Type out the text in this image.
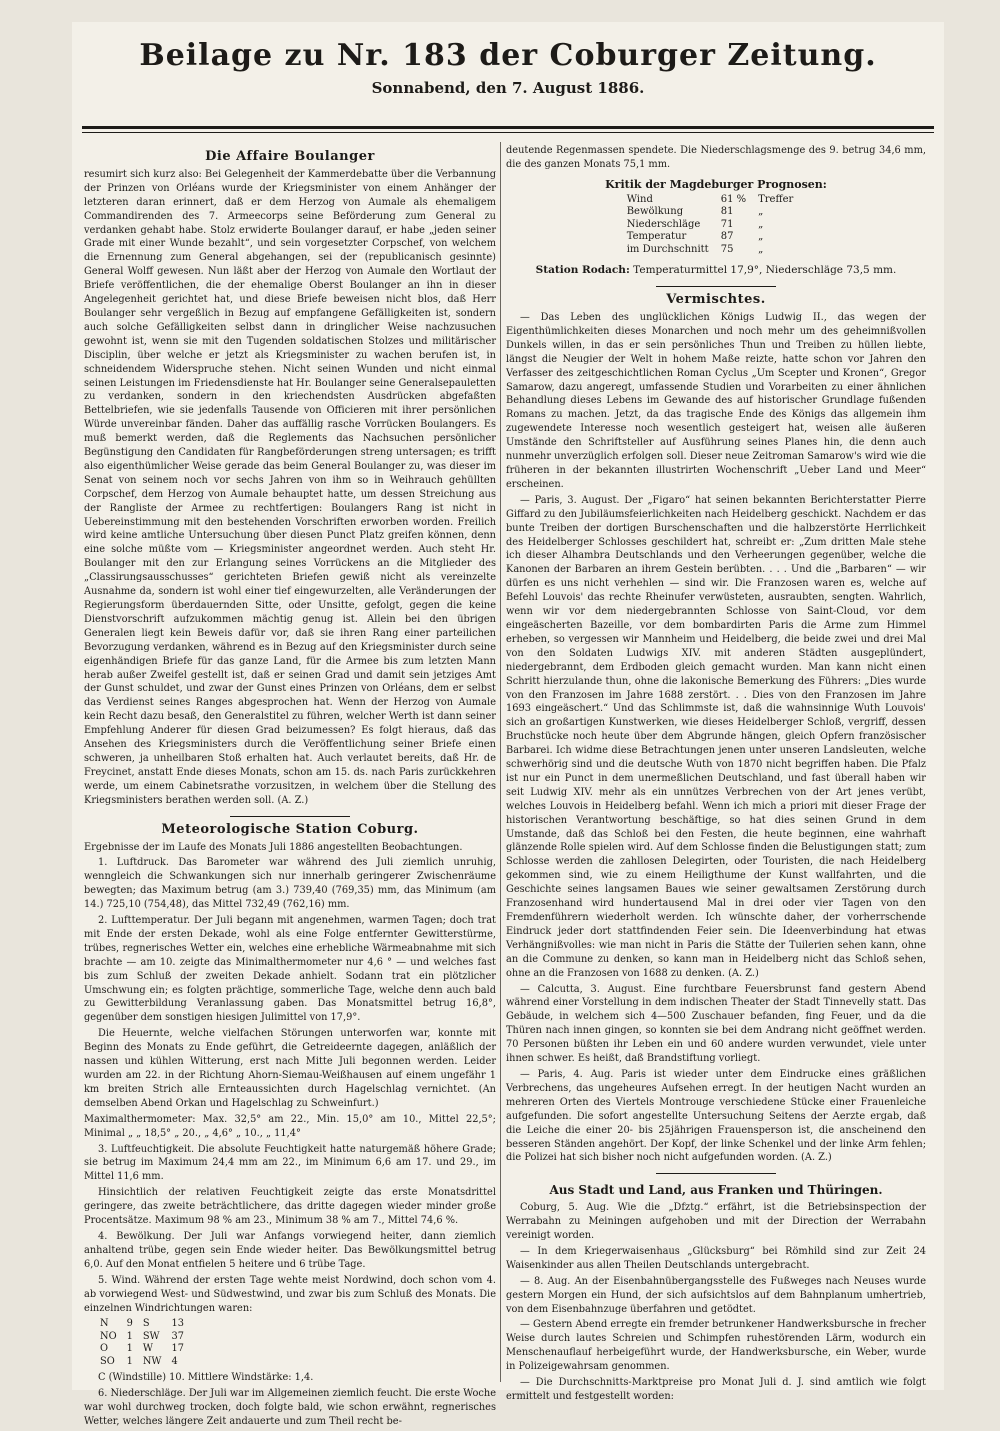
Beilage zu Nr. 183 der Coburger Zeitung.
Sonnabend, den 7. August 1886.
Die Affaire Boulanger

resumirt sich kurz also: Bei Gelegenheit der Kammerdebatte über die Verbannung der Prinzen von Orléans wurde der Kriegsminister von einem Anhänger der letzteren daran erinnert, daß er dem Herzog von Aumale als ehemaligem Commandirenden des 7. Armeecorps seine Beförderung zum General zu verdanken gehabt habe. Stolz erwiderte Boulanger darauf, er habe „jeden seiner Grade mit einer Wunde bezahlt“, und sein vorgesetzter Corpschef, von welchem die Ernennung zum General abgehangen, sei der (republicanisch gesinnte) General Wolff gewesen. Nun läßt aber der Herzog von Aumale den Wortlaut der Briefe veröffentlichen, die der ehemalige Oberst Boulanger an ihn in dieser Angelegenheit gerichtet hat, und diese Briefe beweisen nicht blos, daß Herr Boulanger sehr vergeßlich in Bezug auf empfangene Gefälligkeiten ist, sondern auch solche Gefälligkeiten selbst dann in dringlicher Weise nachzusuchen gewohnt ist, wenn sie mit den Tugenden soldatischen Stolzes und militärischer Disciplin, über welche er jetzt als Kriegsminister zu wachen berufen ist, in schneidendem Widerspruche stehen. Nicht seinen Wunden und nicht einmal seinen Leistungen im Friedensdienste hat Hr. Boulanger seine Generalsepauletten zu verdanken, sondern in den kriechendsten Ausdrücken abgefaßten Bettelbriefen, wie sie jedenfalls Tausende von Officieren mit ihrer persönlichen Würde unvereinbar fänden. Daher das auffällig rasche Vorrücken Boulangers. Es muß bemerkt werden, daß die Reglements das Nachsuchen persönlicher Begünstigung den Candidaten für Rangbeförderungen streng untersagen; es trifft also eigenthümlicher Weise gerade das beim General Boulanger zu, was dieser im Senat von seinem noch vor sechs Jahren von ihm so in Weihrauch gehüllten Corpschef, dem Herzog von Aumale behauptet hatte, um dessen Streichung aus der Rangliste der Armee zu rechtfertigen: Boulangers Rang ist nicht in Uebereinstimmung mit den bestehenden Vorschriften erworben worden. Freilich wird keine amtliche Untersuchung über diesen Punct Platz greifen können, denn eine solche müßte vom — Kriegsminister angeordnet werden. Auch steht Hr. Boulanger mit den zur Erlangung seines Vorrückens an die Mitglieder des „Classirungsausschusses“ gerichteten Briefen gewiß nicht als vereinzelte Ausnahme da, sondern ist wohl einer tief eingewurzelten, alle Veränderungen der Regierungsform überdauernden Sitte, oder Unsitte, gefolgt, gegen die keine Dienstvorschrift aufzukommen mächtig genug ist. Allein bei den übrigen Generalen liegt kein Beweis dafür vor, daß sie ihren Rang einer parteilichen Bevorzugung verdanken, während es in Bezug auf den Kriegsminister durch seine eigenhändigen Briefe für das ganze Land, für die Armee bis zum letzten Mann herab außer Zweifel gestellt ist, daß er seinen Grad und damit sein jetziges Amt der Gunst schuldet, und zwar der Gunst eines Prinzen von Orléans, dem er selbst das Verdienst seines Ranges abgesprochen hat. Wenn der Herzog von Aumale kein Recht dazu besaß, den Generalstitel zu führen, welcher Werth ist dann seiner Empfehlung Anderer für diesen Grad beizumessen? Es folgt hieraus, daß das Ansehen des Kriegsministers durch die Veröffentlichung seiner Briefe einen schweren, ja unheilbaren Stoß erhalten hat. Auch verlautet bereits, daß Hr. de Freycinet, anstatt Ende dieses Monats, schon am 15. ds. nach Paris zurückkehren werde, um einem Cabinetsrathe vorzusitzen, in welchem über die Stellung des Kriegsministers berathen werden soll. (A. Z.)

Meteorologische Station Coburg.

Ergebnisse der im Laufe des Monats Juli 1886 angestellten Beobachtungen.

1. Luftdruck. Das Barometer war während des Juli ziemlich unruhig, wenngleich die Schwankungen sich nur innerhalb geringerer Zwischenräume bewegten; das Maximum betrug (am 3.) 739,40 (769,35) mm, das Minimum (am 14.) 725,10 (754,48), das Mittel 732,49 (762,16) mm.

2. Lufttemperatur. Der Juli begann mit angenehmen, warmen Tagen; doch trat mit Ende der ersten Dekade, wohl als eine Folge entfernter Gewitterstürme, trübes, regnerisches Wetter ein, welches eine erhebliche Wärmeabnahme mit sich brachte — am 10. zeigte das Minimalthermometer nur 4,6 ° — und welches fast bis zum Schluß der zweiten Dekade anhielt. Sodann trat ein plötzlicher Umschwung ein; es folgten prächtige, sommerliche Tage, welche denn auch bald zu Gewitterbildung Veranlassung gaben. Das Monatsmittel betrug 16,8°, gegenüber dem sonstigen hiesigen Julimittel von 17,9°.

Die Heuernte, welche vielfachen Störungen unterworfen war, konnte mit Beginn des Monats zu Ende geführt, die Getreideernte dagegen, anläßlich der nassen und kühlen Witterung, erst nach Mitte Juli begonnen werden. Leider wurden am 22. in der Richtung Ahorn-Siemau-Weißhausen auf einem ungefähr 1 km breiten Strich alle Ernteaussichten durch Hagelschlag vernichtet. (An demselben Abend Orkan und Hagelschlag zu Schweinfurt.)

Maximalthermometer: Max. 32,5° am 22., Min. 15,0° am 10., Mittel 22,5°; Minimal „ „ 18,5° „ 20., „ 4,6° „ 10., „ 11,4°

3. Luftfeuchtigkeit. Die absolute Feuchtigkeit hatte naturgemäß höhere Grade; sie betrug im Maximum 24,4 mm am 22., im Minimum 6,6 am 17. und 29., im Mittel 11,6 mm.

Hinsichtlich der relativen Feuchtigkeit zeigte das erste Monatsdrittel geringere, das zweite beträchtlichere, das dritte dagegen wieder minder große Procentsätze. Maximum 98 % am 23., Minimum 38 % am 7., Mittel 74,6 %.

4. Bewölkung. Der Juli war Anfangs vorwiegend heiter, dann ziemlich anhaltend trübe, gegen sein Ende wieder heiter. Das Bewölkungsmittel betrug 6,0. Auf den Monat entfielen 5 heitere und 6 trübe Tage.

5. Wind. Während der ersten Tage wehte meist Nordwind, doch schon vom 4. ab vorwiegend West- und Südwestwind, und zwar bis zum Schluß des Monats. Die einzelnen Windrichtungen waren:

N	9	S	13
NO	1	SW	37
O	1	W	17
SO	1	NW	4

C (Windstille) 10. Mittlere Windstärke: 1,4.

6. Niederschläge. Der Juli war im Allgemeinen ziemlich feucht. Die erste Woche war wohl durchweg trocken, doch folgte bald, wie schon erwähnt, regnerisches Wetter, welches längere Zeit andauerte und zum Theil recht be-

deutende Regenmassen spendete. Die Niederschlagsmenge des 9. betrug 34,6 mm, die des ganzen Monats 75,1 mm.

Kritik der Magdeburger Prognosen:
Wind	61 %	Treffer
Bewölkung	81	„
Niederschläge	71	„
Temperatur	87	„
im Durchschnitt	75	„
Station Rodach: Temperaturmittel 17,9°, Niederschläge 73,5 mm.
Vermischtes.

— Das Leben des unglücklichen Königs Ludwig II., das wegen der Eigenthümlichkeiten dieses Monarchen und noch mehr um des geheimnißvollen Dunkels willen, in das er sein persönliches Thun und Treiben zu hüllen liebte, längst die Neugier der Welt in hohem Maße reizte, hatte schon vor Jahren den Verfasser des zeitgeschichtlichen Roman Cyclus „Um Scepter und Kronen“, Gregor Samarow, dazu angeregt, umfassende Studien und Vorarbeiten zu einer ähnlichen Behandlung dieses Lebens im Gewande des auf historischer Grundlage fußenden Romans zu machen. Jetzt, da das tragische Ende des Königs das allgemein ihm zugewendete Interesse noch wesentlich gesteigert hat, weisen alle äußeren Umstände den Schriftsteller auf Ausführung seines Planes hin, die denn auch nunmehr unverzüglich erfolgen soll. Dieser neue Zeitroman Samarow's wird wie die früheren in der bekannten illustrirten Wochenschrift „Ueber Land und Meer“ erscheinen.

— Paris, 3. August. Der „Figaro“ hat seinen bekannten Berichterstatter Pierre Giffard zu den Jubiläumsfeierlichkeiten nach Heidelberg geschickt. Nachdem er das bunte Treiben der dortigen Burschenschaften und die halbzerstörte Herrlichkeit des Heidelberger Schlosses geschildert hat, schreibt er: „Zum dritten Male stehe ich dieser Alhambra Deutschlands und den Verheerungen gegenüber, welche die Kanonen der Barbaren an ihrem Gestein berübten. . . . Und die „Barbaren“ — wir dürfen es uns nicht verhehlen — sind wir. Die Franzosen waren es, welche auf Befehl Louvois' das rechte Rheinufer verwüsteten, ausraubten, sengten. Wahrlich, wenn wir vor dem niedergebrannten Schlosse von Saint-Cloud, vor dem eingeäscherten Bazeille, vor dem bombardirten Paris die Arme zum Himmel erheben, so vergessen wir Mannheim und Heidelberg, die beide zwei und drei Mal von den Soldaten Ludwigs XIV. mit anderen Städten ausgeplündert, niedergebrannt, dem Erdboden gleich gemacht wurden. Man kann nicht einen Schritt hierzulande thun, ohne die lakonische Bemerkung des Führers: „Dies wurde von den Franzosen im Jahre 1688 zerstört. . . Dies von den Franzosen im Jahre 1693 eingeäschert.“ Und das Schlimmste ist, daß die wahnsinnige Wuth Louvois' sich an großartigen Kunstwerken, wie dieses Heidelberger Schloß, vergriff, dessen Bruchstücke noch heute über dem Abgrunde hängen, gleich Opfern französischer Barbarei. Ich widme diese Betrachtungen jenen unter unseren Landsleuten, welche schwerhörig sind und die deutsche Wuth von 1870 nicht begriffen haben. Die Pfalz ist nur ein Punct in dem unermeßlichen Deutschland, und fast überall haben wir seit Ludwig XIV. mehr als ein unnützes Verbrechen von der Art jenes verübt, welches Louvois in Heidelberg befahl. Wenn ich mich a priori mit dieser Frage der historischen Verantwortung beschäftige, so hat dies seinen Grund in dem Umstande, daß das Schloß bei den Festen, die heute beginnen, eine wahrhaft glänzende Rolle spielen wird. Auf dem Schlosse finden die Belustigungen statt; zum Schlosse werden die zahllosen Delegirten, oder Touristen, die nach Heidelberg gekommen sind, wie zu einem Heiligthume der Kunst wallfahrten, und die Geschichte seines langsamen Baues wie seiner gewaltsamen Zerstörung durch Franzosenhand wird hundertausend Mal in drei oder vier Tagen von den Fremdenführern wiederholt werden. Ich wünschte daher, der vorherrschende Eindruck jeder dort stattfindenden Feier sein. Die Ideenverbindung hat etwas Verhängnißvolles: wie man nicht in Paris die Stätte der Tuilerien sehen kann, ohne an die Commune zu denken, so kann man in Heidelberg nicht das Schloß sehen, ohne an die Franzosen von 1688 zu denken. (A. Z.)

— Calcutta, 3. August. Eine furchtbare Feuersbrunst fand gestern Abend während einer Vorstellung in dem indischen Theater der Stadt Tinnevelly statt. Das Gebäude, in welchem sich 4—500 Zuschauer befanden, fing Feuer, und da die Thüren nach innen gingen, so konnten sie bei dem Andrang nicht geöffnet werden. 70 Personen büßten ihr Leben ein und 60 andere wurden verwundet, viele unter ihnen schwer. Es heißt, daß Brandstiftung vorliegt.

— Paris, 4. Aug. Paris ist wieder unter dem Eindrucke eines gräßlichen Verbrechens, das ungeheures Aufsehen erregt. In der heutigen Nacht wurden an mehreren Orten des Viertels Montrouge verschiedene Stücke einer Frauenleiche aufgefunden. Die sofort angestellte Untersuchung Seitens der Aerzte ergab, daß die Leiche die einer 20- bis 25jährigen Frauensperson ist, die anscheinend den besseren Ständen angehört. Der Kopf, der linke Schenkel und der linke Arm fehlen; die Polizei hat sich bisher noch nicht aufgefunden worden. (A. Z.)

Aus Stadt und Land, aus Franken und Thüringen.

Coburg, 5. Aug. Wie die „Dfztg.“ erfährt, ist die Betriebsinspection der Werrabahn zu Meiningen aufgehoben und mit der Direction der Werrabahn vereinigt worden.

— In dem Kriegerwaisenhaus „Glücksburg“ bei Römhild sind zur Zeit 24 Waisenkinder aus allen Theilen Deutschlands untergebracht.

— 8. Aug. An der Eisenbahnübergangsstelle des Fußweges nach Neuses wurde gestern Morgen ein Hund, der sich aufsichtslos auf dem Bahnplanum umhertrieb, von dem Eisenbahnzuge überfahren und getödtet.

— Gestern Abend erregte ein fremder betrunkener Handwerksbursche in frecher Weise durch lautes Schreien und Schimpfen ruhestörenden Lärm, wodurch ein Menschenauflauf herbeigeführt wurde, der Handwerksbursche, ein Weber, wurde in Polizeigewahrsam genommen.

— Die Durchschnitts-Marktpreise pro Monat Juli d. J. sind amtlich wie folgt ermittelt und festgestellt worden:
